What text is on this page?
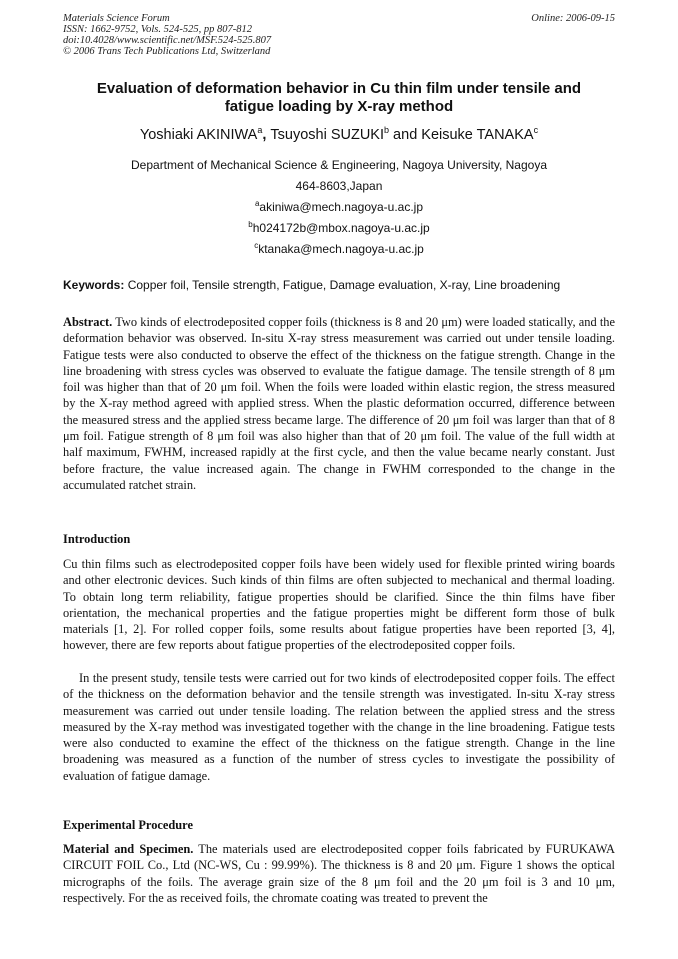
Materials Science Forum
ISSN: 1662-9752, Vols. 524-525, pp 807-812
doi:10.4028/www.scientific.net/MSF.524-525.807
© 2006 Trans Tech Publications Ltd, Switzerland
Online: 2006-09-15
Evaluation of deformation behavior in Cu thin film under tensile and
fatigue loading by X-ray method
Yoshiaki AKINIWA$^a$, Tsuyoshi SUZUKI$^b$ and Keisuke TANAKA$^c$
Department of Mechanical Science & Engineering, Nagoya University, Nagoya
464-8603,Japan
$^a$akiniwa@mech.nagoya-u.ac.jp
$^b$h024172b@mbox.nagoya-u.ac.jp
$^c$ktanaka@mech.nagoya-u.ac.jp
Keywords: Copper foil, Tensile strength, Fatigue, Damage evaluation, X-ray, Line broadening

Abstract. Two kinds of electrodeposited copper foils (thickness is 8 and 20 μm) were loaded statically, and the deformation behavior was observed. In-situ X-ray stress measurement was carried out under tensile loading. Fatigue tests were also conducted to observe the effect of the thickness on the fatigue strength. Change in the line broadening with stress cycles was observed to evaluate the fatigue damage. The tensile strength of 8 μm foil was higher than that of 20 μm foil. When the foils were loaded within elastic region, the stress measured by the X-ray method agreed with applied stress. When the plastic deformation occurred, difference between the measured stress and the applied stress became large. The difference of 20 μm foil was larger than that of 8 μm foil. Fatigue strength of 8 μm foil was also higher than that of 20 μm foil. The value of the full width at half maximum, FWHM, increased rapidly at the first cycle, and then the value became nearly constant. Just before fracture, the value increased again. The change in FWHM corresponded to the change in the accumulated ratchet strain.

Introduction

Cu thin films such as electrodeposited copper foils have been widely used for flexible printed wiring boards and other electronic devices. Such kinds of thin films are often subjected to mechanical and thermal loading. To obtain long term reliability, fatigue properties should be clarified. Since the thin films have fiber orientation, the mechanical properties and the fatigue properties might be different form those of bulk materials [1, 2]. For rolled copper foils, some results about fatigue properties have been reported [3, 4], however, there are few reports about fatigue properties of the electrodeposited copper foils.

In the present study, tensile tests were carried out for two kinds of electrodeposited copper foils. The effect of the thickness on the deformation behavior and the tensile strength was investigated. In-situ X-ray stress measurement was carried out under tensile loading. The relation between the applied stress and the stress measured by the X-ray method was investigated together with the change in the line broadening. Fatigue tests were also conducted to examine the effect of the thickness on the fatigue strength. Change in the line broadening was measured as a function of the number of stress cycles to investigate the possibility of evaluation of fatigue damage.

Experimental Procedure

Material and Specimen. The materials used are electrodeposited copper foils fabricated by FURUKAWA CIRCUIT FOIL Co., Ltd (NC-WS, Cu : 99.99%). The thickness is 8 and 20 μm. Figure 1 shows the optical micrographs of the foils. The average grain size of the 8 μm foil and the 20 μm foil is 3 and 10 μm, respectively. For the as received foils, the chromate coating was treated to prevent the
